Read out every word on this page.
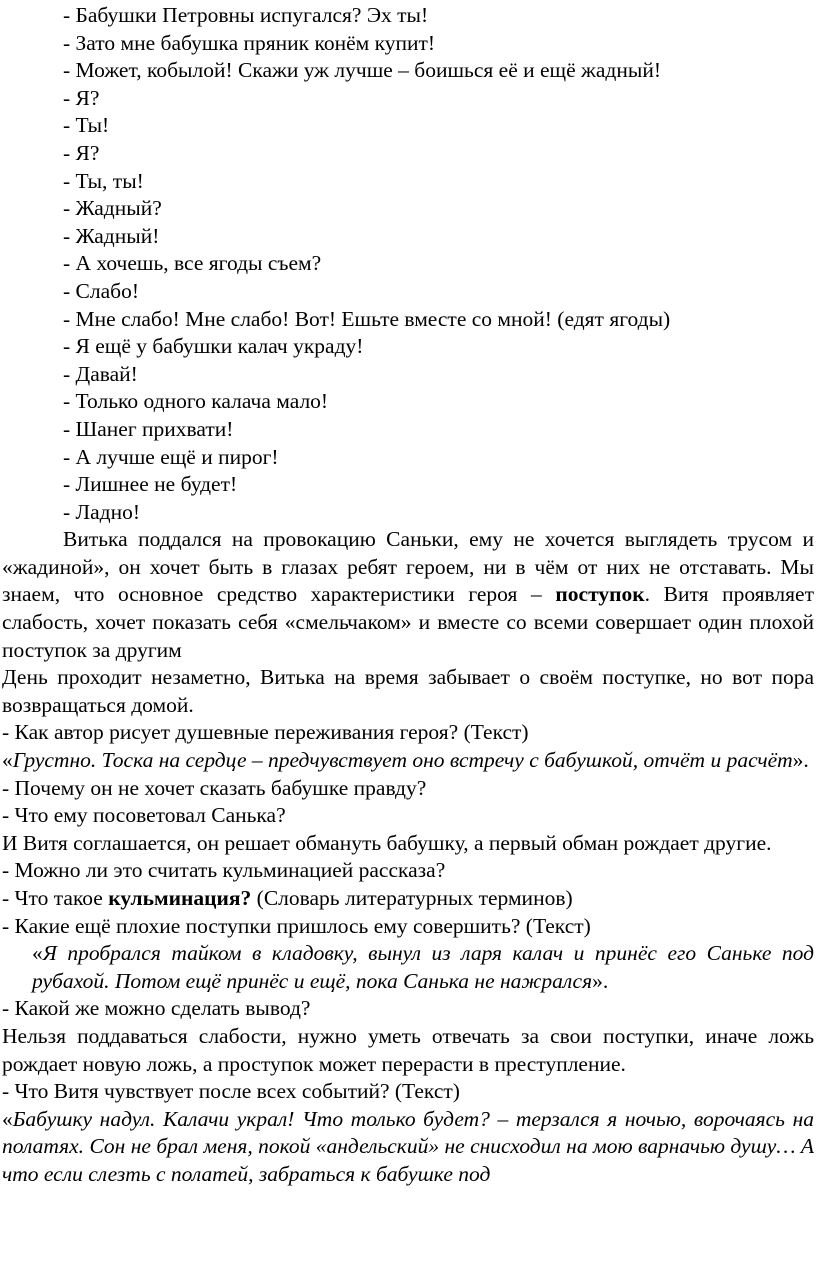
- Бабушки Петровны испугался? Эх ты!
- Зато мне бабушка пряник конём купит!
- Может, кобылой! Скажи уж лучше – боишься её и ещё жадный!
- Я?
- Ты!
- Я?
- Ты, ты!
- Жадный?
- Жадный!
- А хочешь, все ягоды съем?
- Слабо!
- Мне слабо! Мне слабо! Вот! Ешьте вместе со мной! (едят ягоды)
- Я ещё у бабушки калач украду!
- Давай!
- Только одного калача мало!
- Шанег прихвати!
- А лучше ещё и пирог!
- Лишнее не будет!
- Ладно!
Витька поддался на провокацию Саньки, ему не хочется выглядеть трусом и «жадиной», он хочет быть в глазах ребят героем, ни в чём от них не отставать. Мы знаем, что основное средство характеристики героя – поступок. Витя проявляет слабость, хочет показать себя «смельчаком» и вместе со всеми совершает один плохой поступок за другим
День проходит незаметно, Витька на время забывает о своём поступке, но вот пора возвращаться домой.
- Как автор рисует душевные переживания героя? (Текст)
«Грустно. Тоска на сердце – предчувствует оно встречу с бабушкой, отчёт и расчёт».
- Почему он не хочет сказать бабушке правду?
- Что ему посоветовал Санька?
И Витя соглашается, он решает обмануть бабушку, а первый обман рождает другие.
- Можно ли это считать кульминацией рассказа?
- Что такое кульминация? (Словарь литературных терминов)
- Какие ещё плохие поступки пришлось ему совершить? (Текст)
«Я пробрался тайком в кладовку, вынул из ларя калач и принёс его Саньке под рубахой. Потом ещё принёс и ещё, пока Санька не нажрался».
- Какой же можно сделать вывод?
Нельзя поддаваться слабости, нужно уметь отвечать за свои поступки, иначе ложь рождает новую ложь, а проступок может перерасти в преступление.
- Что Витя чувствует после всех событий? (Текст)
«Бабушку надул. Калачи украл! Что только будет? – терзался я ночью, ворочаясь на полатях. Сон не брал меня, покой «андельский» не снисходил на мою варначью душу… А что если слезть с полатей, забраться к бабушке под
